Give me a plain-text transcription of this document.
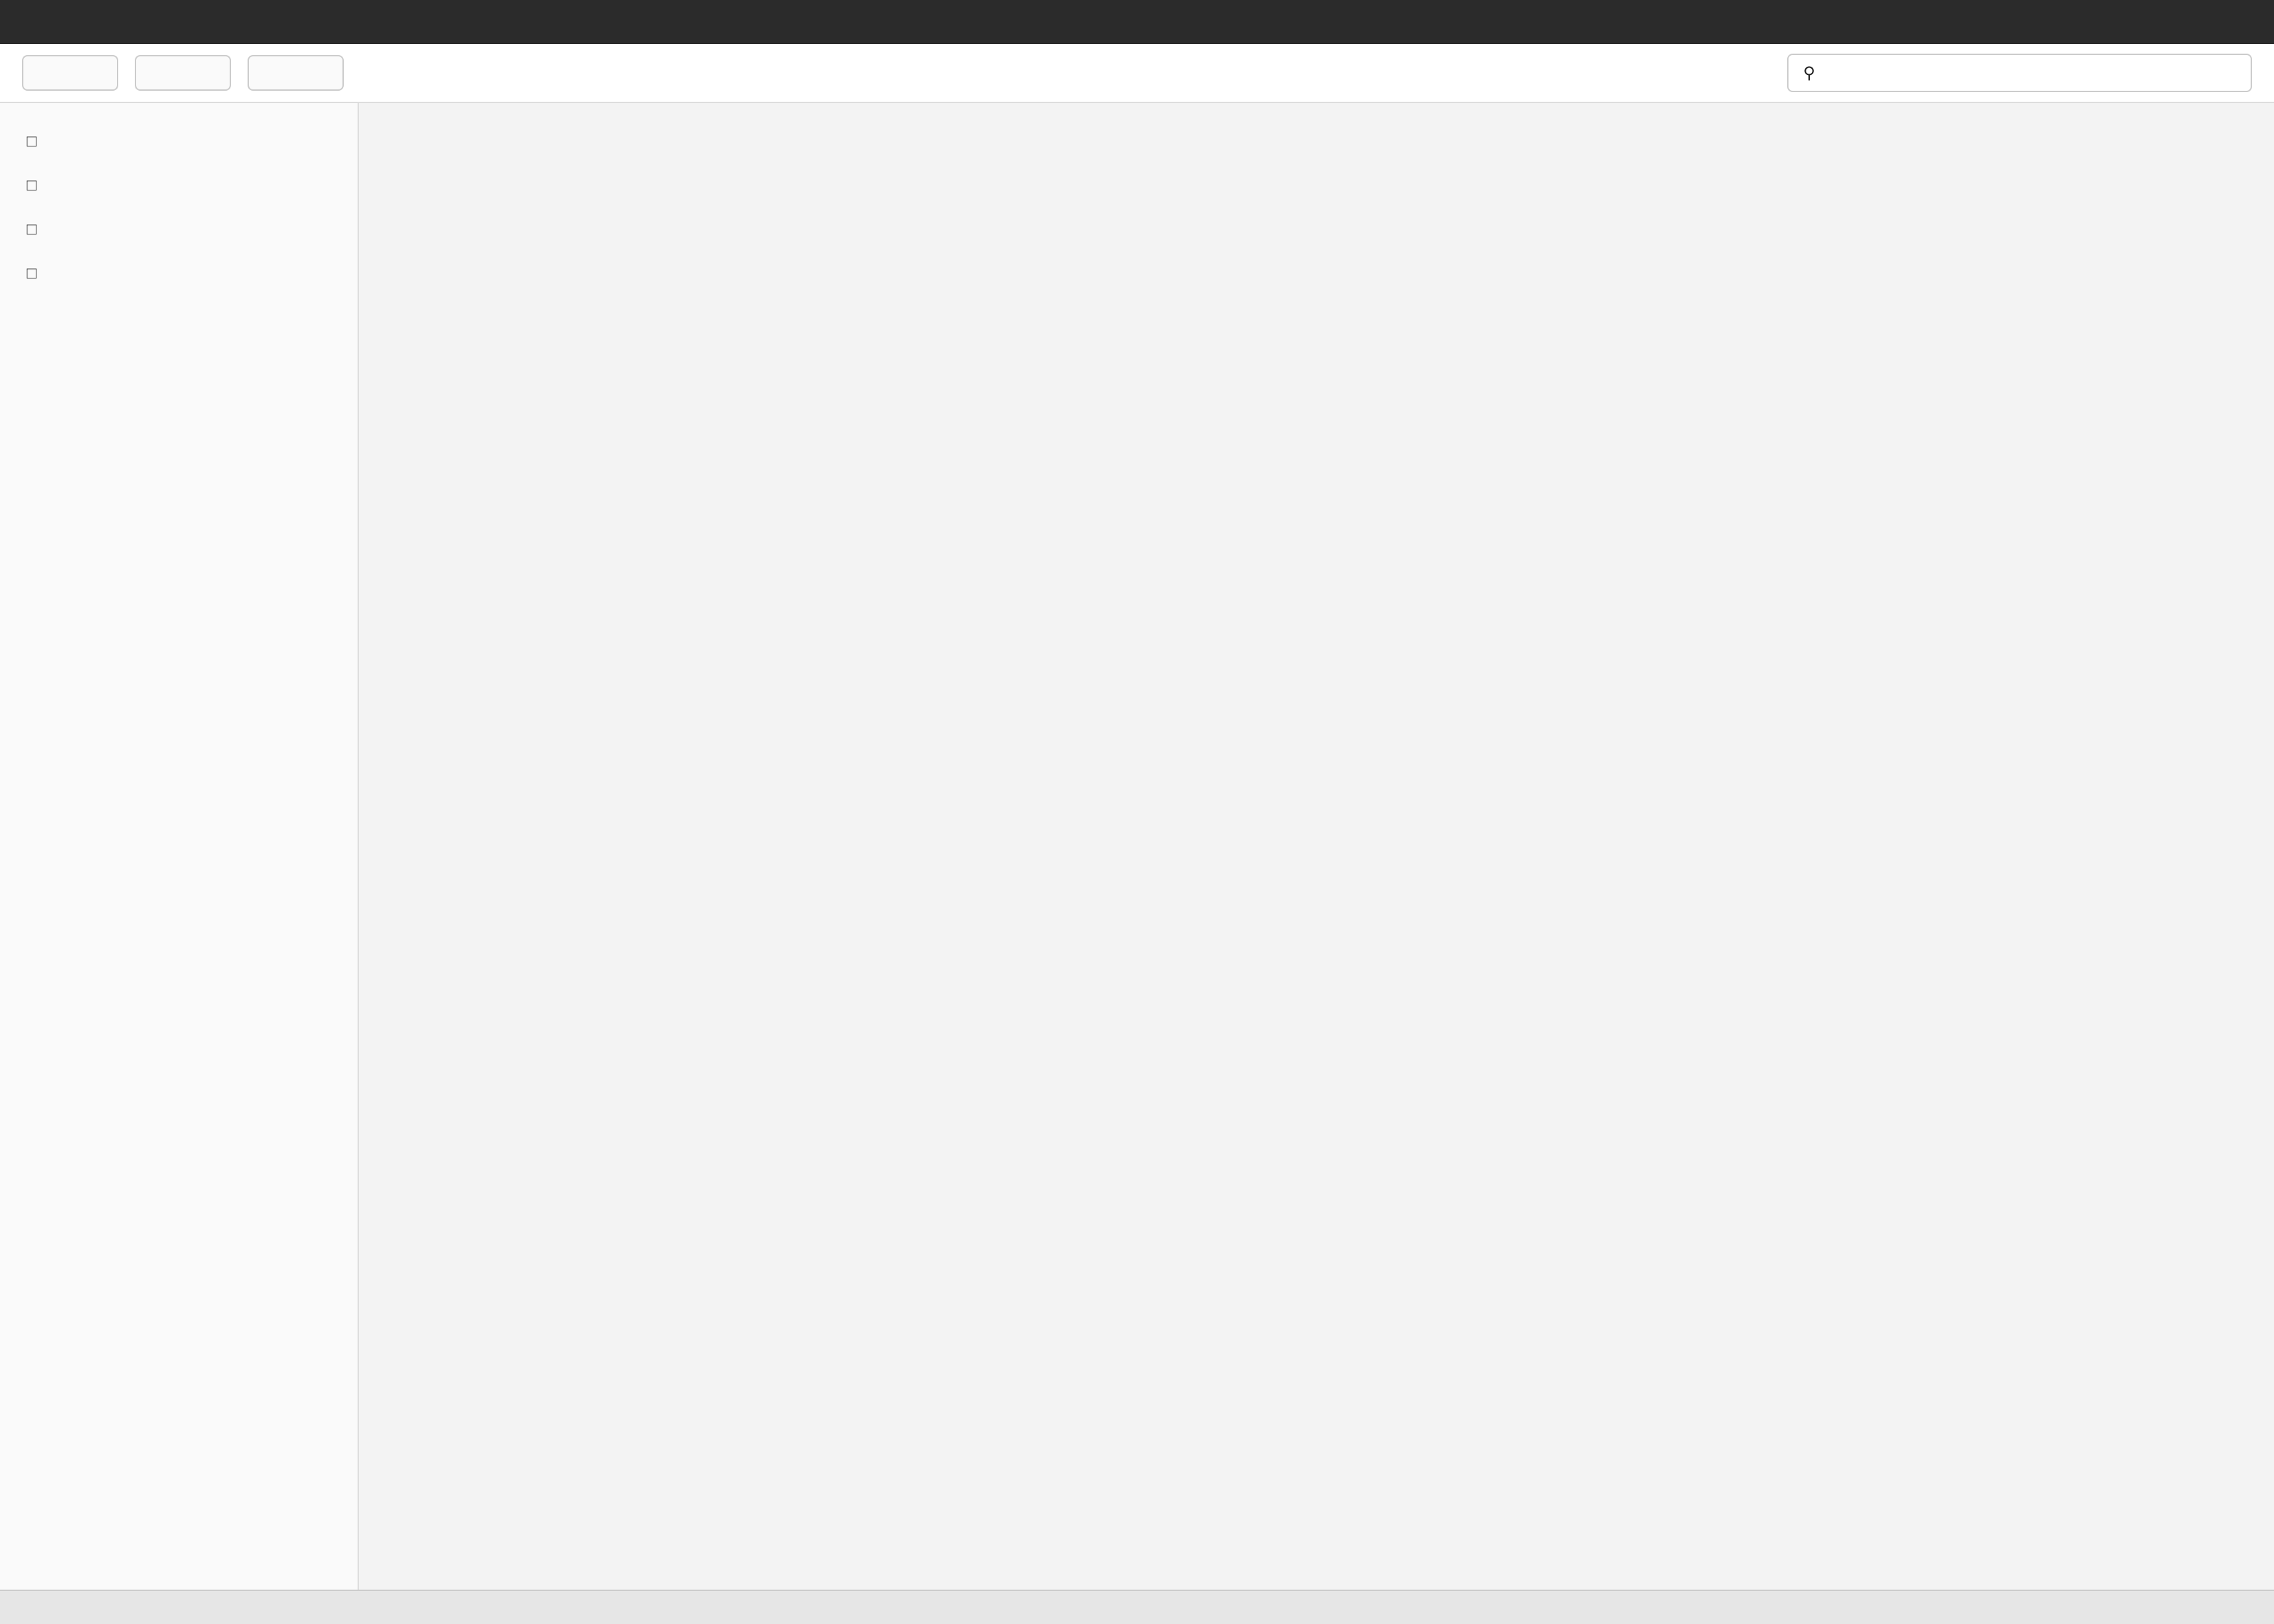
⚲
□
□
□
□
